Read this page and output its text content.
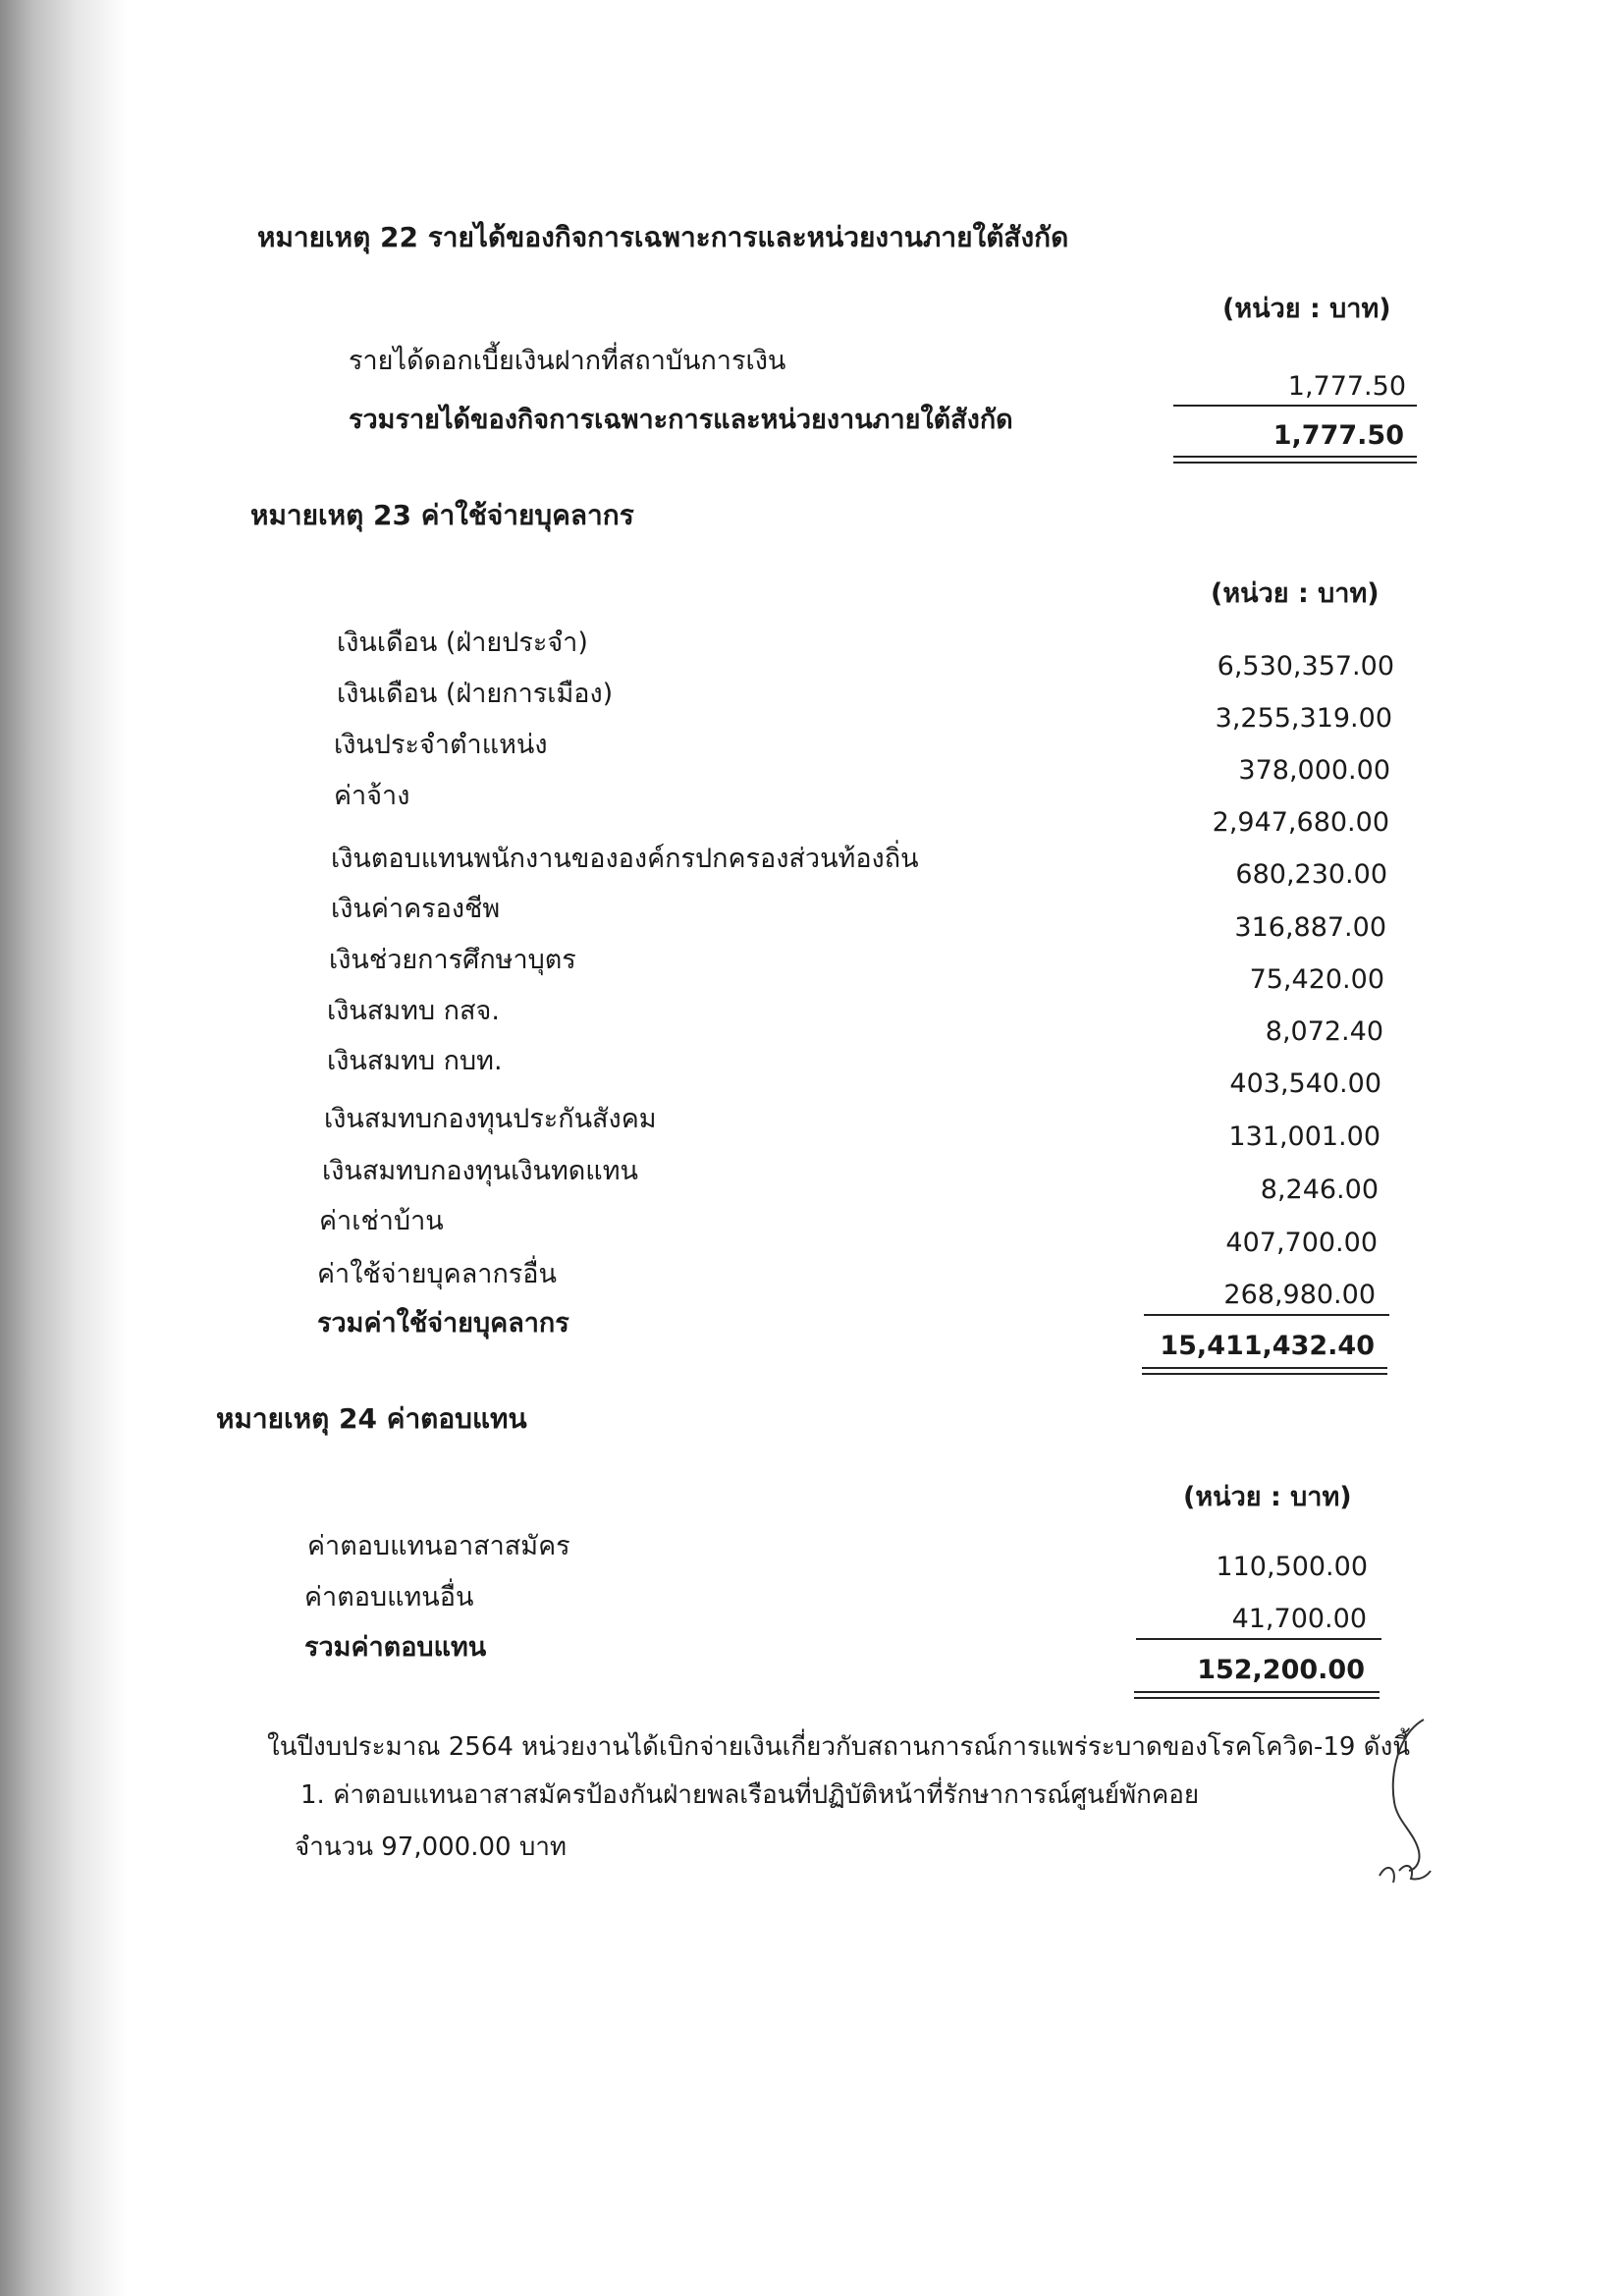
หมายเหตุ 22 รายได้ของกิจการเฉพาะการและหน่วยงานภายใต้สังกัด
(หน่วย : บาท)
รายได้ดอกเบี้ยเงินฝากที่สถาบันการเงิน
1,777.50
รวมรายได้ของกิจการเฉพาะการและหน่วยงานภายใต้สังกัด
1,777.50
หมายเหตุ 23 ค่าใช้จ่ายบุคลากร
(หน่วย : บาท)
เงินเดือน (ฝ่ายประจำ)
เงินเดือน (ฝ่ายการเมือง)
เงินประจำตำแหน่ง
ค่าจ้าง
เงินตอบแทนพนักงานขององค์กรปกครองส่วนท้องถิ่น
เงินค่าครองชีพ
เงินช่วยการศึกษาบุตร
เงินสมทบ กสจ.
เงินสมทบ กบท.
เงินสมทบกองทุนประกันสังคม
เงินสมทบกองทุนเงินทดแทน
ค่าเช่าบ้าน
ค่าใช้จ่ายบุคลากรอื่น
6,530,357.00
3,255,319.00
378,000.00
2,947,680.00
680,230.00
316,887.00
75,420.00
8,072.40
403,540.00
131,001.00
8,246.00
407,700.00
268,980.00
รวมค่าใช้จ่ายบุคลากร
15,411,432.40
หมายเหตุ 24 ค่าตอบแทน
(หน่วย : บาท)
ค่าตอบแทนอาสาสมัคร
ค่าตอบแทนอื่น
110,500.00
41,700.00
รวมค่าตอบแทน
152,200.00
ในปีงบประมาณ 2564 หน่วยงานได้เบิกจ่ายเงินเกี่ยวกับสถานการณ์การแพร่ระบาดของโรคโควิด-19 ดังนี้
1. ค่าตอบแทนอาสาสมัครป้องกันฝ่ายพลเรือนที่ปฏิบัติหน้าที่รักษาการณ์ศูนย์พักคอย
จำนวน 97,000.00 บาท
